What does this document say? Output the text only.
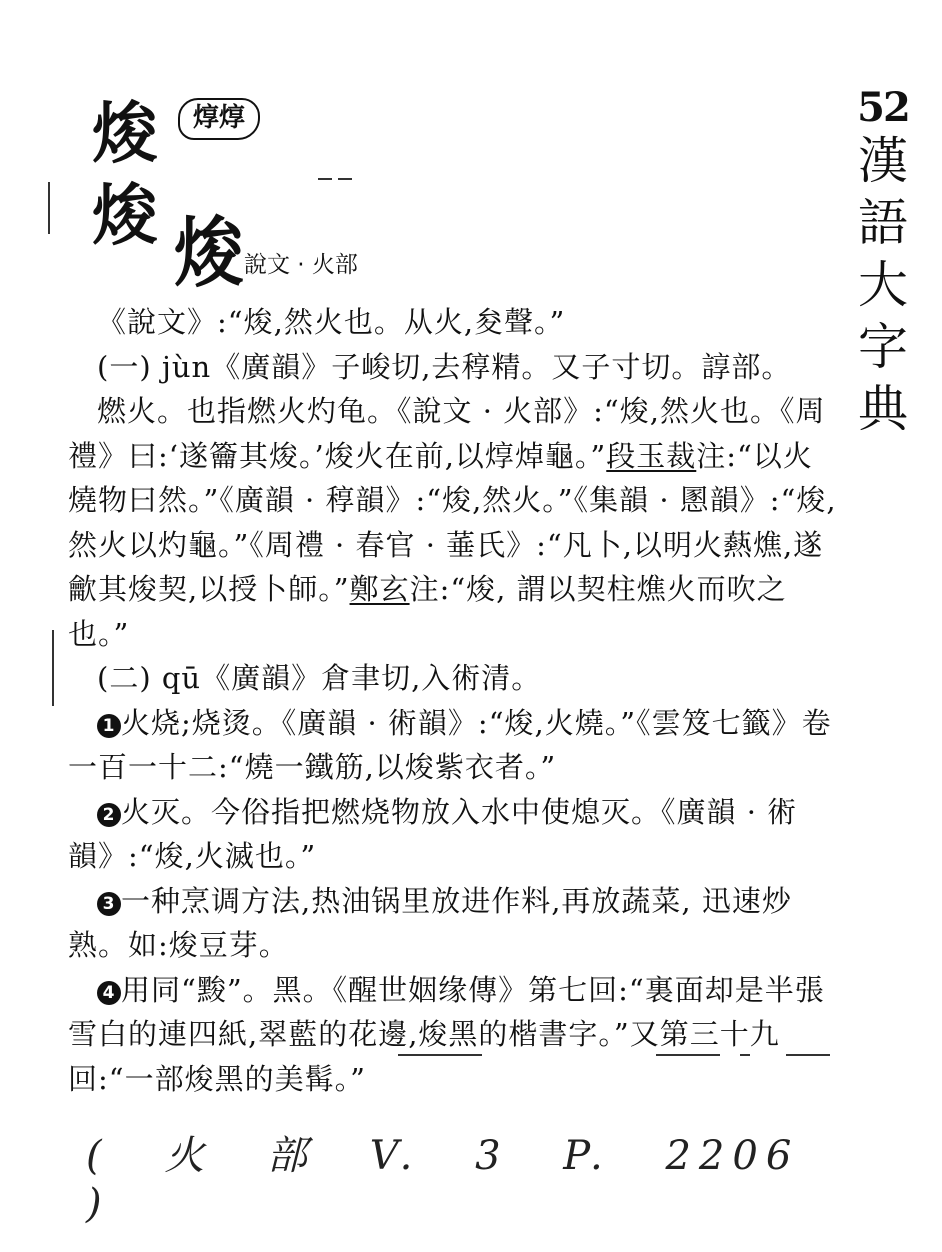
焌	焞焞
焌 焌 說文 · 火部
52
漢
語
大
字
典

《說文》:“焌,然火也。从火,夋聲。”

(一) jùn《廣韻》子峻切,去稕精。又子寸切。諄部。

燃火。也指燃火灼龟。《說文 · 火部》:“焌,然火也。《周禮》曰:‘遂籥其焌。’焌火在前,以焞焯龜。”段玉裁注:“以火燒物曰然。”《廣韻 · 稕韻》:“焌,然火。”《集韻 · 慁韻》:“焌,然火以灼龜。”《周禮 · 春官 · 菙氏》:“凡卜,以明火爇燋,遂龡其焌契,以授卜師。”鄭玄注:“焌, 謂以契柱燋火而吹之也。”

(二) qū《廣韻》倉聿切,入術清。

1 火烧;烧烫。《廣韻 · 術韻》:“焌,火燒。”《雲笈七籤》卷一百一十二:“燒一鐵筋,以焌紫衣者。”

2 火灭。今俗指把燃烧物放入水中使熄灭。《廣韻 · 術韻》:“焌,火滅也。”

3 一种烹调方法,热油锅里放进作料,再放蔬菜, 迅速炒熟。如:焌豆芽。

4 用同“黢”。黑。《醒世姻缘傳》第七回:“裏面却是半張雪白的連四紙,翠藍的花邊,焌黑的楷書字。”又第三十九回:“一部焌黑的美髯。”

( 火 部 V. 3 P. 2206 )
